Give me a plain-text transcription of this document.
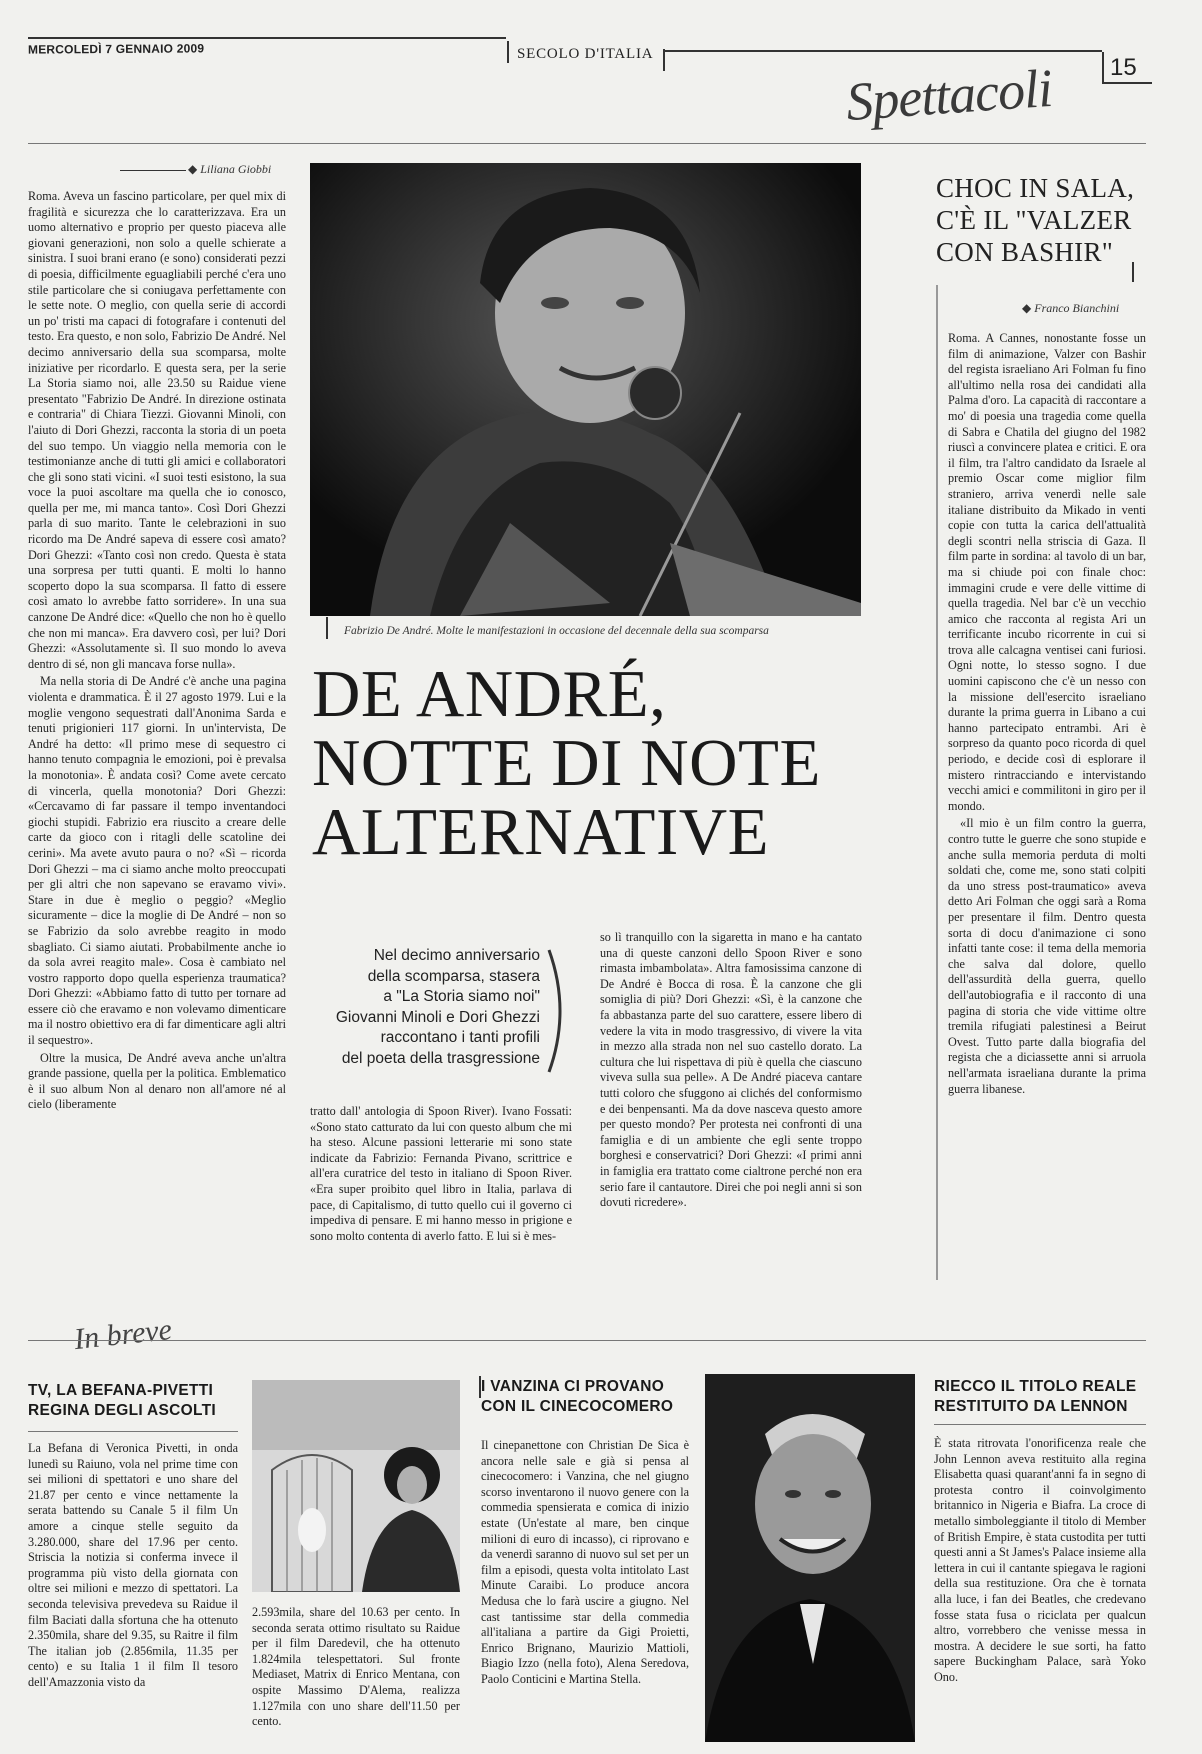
MERCOLEDÌ 7 GENNAIO 2009	SECOLO D'ITALIA	15
Spettacoli
◆ Liliana Giobbi

Roma. Aveva un fascino particolare, per quel mix di fragilità e sicurezza che lo caratterizzava. Era un uomo alternativo e proprio per questo piaceva alle giovani generazioni, non solo a quelle schierate a sinistra. I suoi brani erano (e sono) considerati pezzi di poesia, difficilmente eguagliabili perché c'era uno stile particolare che si coniugava perfettamente con le sette note. O meglio, con quella serie di accordi un po' tristi ma capaci di fotografare i contenuti del testo. Era questo, e non solo, Fabrizio De André. Nel decimo anniversario della sua scomparsa, molte iniziative per ricordarlo. E questa sera, per la serie La Storia siamo noi, alle 23.50 su Raidue viene presentato "Fabrizio De André. In direzione ostinata e contraria" di Chiara Tiezzi. Giovanni Minoli, con l'aiuto di Dori Ghezzi, racconta la storia di un poeta del suo tempo. Un viaggio nella memoria con le testimonianze anche di tutti gli amici e collaboratori che gli sono stati vicini. «I suoi testi esistono, la sua voce la puoi ascoltare ma quella che io conosco, quella per me, mi manca tanto». Così Dori Ghezzi parla di suo marito. Tante le celebrazioni in suo ricordo ma De André sapeva di essere così amato? Dori Ghezzi: «Tanto così non credo. Questa è stata una sorpresa per tutti quanti. E molti lo hanno scoperto dopo la sua scomparsa. Il fatto di essere così amato lo avrebbe fatto sorridere». In una sua canzone De André dice: «Quello che non ho è quello che non mi manca». Era davvero così, per lui? Dori Ghezzi: «Assolutamente sì. Il suo mondo lo aveva dentro di sé, non gli mancava forse nulla».

Ma nella storia di De André c'è anche una pagina violenta e drammatica. È il 27 agosto 1979. Lui e la moglie vengono sequestrati dall'Anonima Sarda e tenuti prigionieri 117 giorni. In un'intervista, De André ha detto: «Il primo mese di sequestro ci hanno tenuto compagnia le emozioni, poi è prevalsa la monotonia». È andata così? Come avete cercato di vincerla, quella monotonia? Dori Ghezzi: «Cercavamo di far passare il tempo inventandoci giochi stupidi. Fabrizio era riuscito a creare delle carte da gioco con i ritagli delle scatoline dei cerini». Ma avete avuto paura o no? «Sì – ricorda Dori Ghezzi – ma ci siamo anche molto preoccupati per gli altri che non sapevano se eravamo vivi». Stare in due è meglio o peggio? «Meglio sicuramente – dice la moglie di De André – non so se Fabrizio da solo avrebbe reagito in modo sbagliato. Ci siamo aiutati. Probabilmente anche io da sola avrei reagito male». Cosa è cambiato nel vostro rapporto dopo quella esperienza traumatica? Dori Ghezzi: «Abbiamo fatto di tutto per tornare ad essere ciò che eravamo e non volevamo dimenticare ma il nostro obiettivo era di far dimenticare agli altri il sequestro».

Oltre la musica, De André aveva anche un'altra grande passione, quella per la politica. Emblematico è il suo album Non al denaro non all'amore né al cielo (liberamente

Fabrizio De André. Molte le manifestazioni in occasione del decennale della sua scomparsa
DE ANDRÉ,
NOTTE DI NOTE
ALTERNATIVE
Nel decimo anniversario
della scomparsa, stasera
a "La Storia siamo noi"
Giovanni Minoli e Dori Ghezzi
raccontano i tanti profili
del poeta della trasgressione
tratto dall' antologia di Spoon River). Ivano Fossati: «Sono stato catturato da lui con questo album che mi ha steso. Alcune passioni letterarie mi sono state indicate da Fabrizio: Fernanda Pivano, scrittrice e all'era curatrice del testo in italiano di Spoon River. «Era super proibito quel libro in Italia, parlava di pace, di Capitalismo, di tutto quello cui il governo ci impediva di pensare. E mi hanno messo in prigione e sono molto contenta di averlo fatto. E lui si è mes-
so lì tranquillo con la sigaretta in mano e ha cantato una di queste canzoni dello Spoon River e sono rimasta imbambolata». Altra famosissima canzone di De André è Bocca di rosa. È la canzone che gli somiglia di più? Dori Ghezzi: «Sì, è la canzone che fa abbastanza parte del suo carattere, essere libero di vedere la vita in modo trasgressivo, di vivere la vita in mezzo alla strada non nel suo castello dorato. La cultura che lui rispettava di più è quella che ciascuno viveva sulla sua pelle». A De André piaceva cantare tutti coloro che sfuggono ai clichés del conformismo e dei benpensanti. Ma da dove nasceva questo amore per questo mondo? Per protesta nei confronti di una famiglia e di un ambiente che egli sente troppo borghesi e conservatrici? Dori Ghezzi: «I primi anni in famiglia era trattato come cialtrone perché non era serio fare il cantautore. Direi che poi negli anni si son dovuti ricredere».
CHOC IN SALA,
C'È IL "VALZER
CON BASHIR"
◆ Franco Bianchini

Roma. A Cannes, nonostante fosse un film di animazione, Valzer con Bashir del regista israeliano Ari Folman fu fino all'ultimo nella rosa dei candidati alla Palma d'oro. La capacità di raccontare a mo' di poesia una tragedia come quella di Sabra e Chatila del giugno del 1982 riuscì a convincere platea e critici. E ora il film, tra l'altro candidato da Israele al premio Oscar come miglior film straniero, arriva venerdì nelle sale italiane distribuito da Mikado in venti copie con tutta la carica dell'attualità degli scontri nella striscia di Gaza. Il film parte in sordina: al tavolo di un bar, ma si chiude poi con finale choc: immagini crude e vere delle vittime di quella tragedia. Nel bar c'è un vecchio amico che racconta al regista Ari un terrificante incubo ricorrente in cui si trova alle calcagna ventisei cani furiosi. Ogni notte, lo stesso sogno. I due uomini capiscono che c'è un nesso con la missione dell'esercito israeliano durante la prima guerra in Libano a cui hanno partecipato entrambi. Ari è sorpreso da quanto poco ricorda di quel periodo, e decide così di esplorare il mistero rintracciando e intervistando vecchi amici e commilitoni in giro per il mondo.

«Il mio è un film contro la guerra, contro tutte le guerre che sono stupide e anche sulla memoria perduta di molti soldati che, come me, sono stati colpiti da uno stress post-traumatico» aveva detto Ari Folman che oggi sarà a Roma per presentare il film. Dentro questa sorta di docu d'animazione ci sono infatti tante cose: il tema della memoria che salva dal dolore, quello dell'assurdità della guerra, quello dell'autobiografia e il racconto di una pagina di storia che vide vittime oltre tremila rifugiati palestinesi a Beirut Ovest. Tutto parte dalla biografia del regista che a diciassette anni si arruola nell'armata israeliana durante la prima guerra libanese.

In breve
TV, LA BEFANA-PIVETTI
REGINA DEGLI ASCOLTI
La Befana di Veronica Pivetti, in onda lunedì su Raiuno, vola nel prime time con sei milioni di spettatori e uno share del 21.87 per cento e vince nettamente la serata battendo su Canale 5 il film Un amore a cinque stelle seguito da 3.280.000, share del 17.96 per cento. Striscia la notizia si conferma invece il programma più visto della giornata con oltre sei milioni e mezzo di spettatori. La seconda televisiva prevedeva su Raidue il film Baciati dalla sfortuna che ha ottenuto 2.350mila, share del 9.35, su Raitre il film The italian job (2.856mila, 11.35 per cento) e su Italia 1 il film Il tesoro dell'Amazzonia visto da
2.593mila, share del 10.63 per cento. In seconda serata ottimo risultato su Raidue per il film Daredevil, che ha ottenuto 1.824mila telespettatori. Sul fronte Mediaset, Matrix di Enrico Mentana, con ospite Massimo D'Alema, realizza 1.127mila con uno share dell'11.50 per cento.
I VANZINA CI PROVANO
CON IL CINECOCOMERO
Il cinepanettone con Christian De Sica è ancora nelle sale e già si pensa al cinecocomero: i Vanzina, che nel giugno scorso inventarono il nuovo genere con la commedia spensierata e comica di inizio estate (Un'estate al mare, ben cinque milioni di euro di incasso), ci riprovano e da venerdì saranno di nuovo sul set per un film a episodi, questa volta intitolato Last Minute Caraibi. Lo produce ancora Medusa che lo farà uscire a giugno. Nel cast tantissime star della commedia all'italiana a partire da Gigi Proietti, Enrico Brignano, Maurizio Mattioli, Biagio Izzo (nella foto), Alena Seredova, Paolo Conticini e Martina Stella.
RIECCO IL TITOLO REALE
RESTITUITO DA LENNON
È stata ritrovata l'onorificenza reale che John Lennon aveva restituito alla regina Elisabetta quasi quarant'anni fa in segno di protesta contro il coinvolgimento britannico in Nigeria e Biafra. La croce di metallo simboleggiante il titolo di Member of British Empire, è stata custodita per tutti questi anni a St James's Palace insieme alla lettera in cui il cantante spiegava le ragioni della sua restituzione. Ora che è tornata alla luce, i fan dei Beatles, che credevano fosse stata fusa o riciclata per qualcun altro, vorrebbero che venisse messa in mostra. A decidere le sue sorti, ha fatto sapere Buckingham Palace, sarà Yoko Ono.
